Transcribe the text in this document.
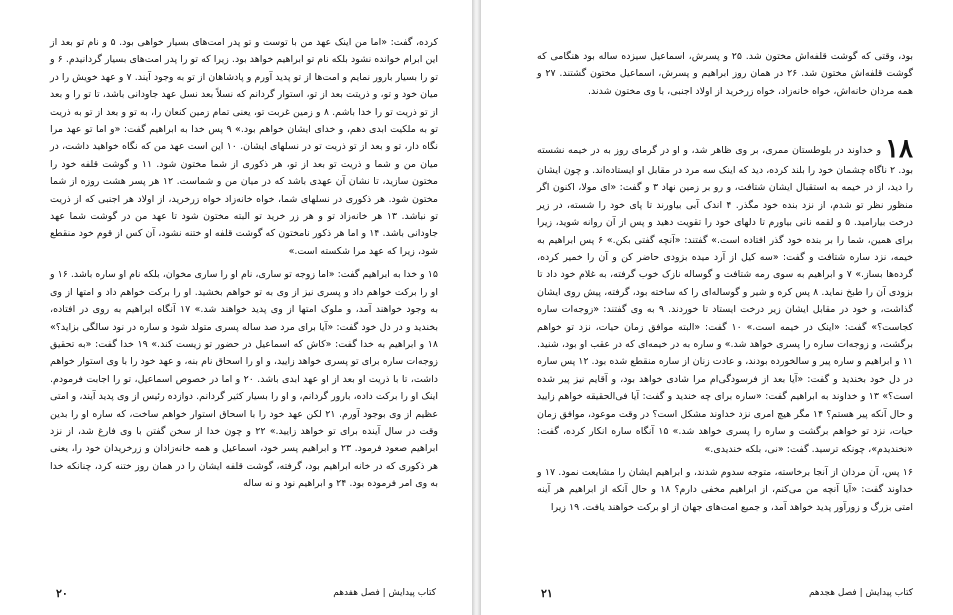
کرده، گفت: «اما من اینک عهد من با توست و تو پدر امت‌های بسیار خواهی بود. ۵ و نام تو بعد از این ابرام خوانده نشود بلکه نام تو ابراهیم خواهد بود. زیرا که تو را پدر امت‌های بسیار گردانیدم. ۶ و تو را بسیار بارور نمایم و امت‌ها از تو پدید آورم و پادشاهان از تو به وجود آیند. ۷ و عهد خویش را در میان خود و تو، و ذریتت بعد از تو، استوار گردانم که نسلاً بعد نسل عهد جاودانی باشد، تا تو را و بعد از تو ذریت تو را خدا باشم. ۸ و زمین غربت تو، یعنی تمام زمین کنعان را، به تو و بعد از تو به ذریت تو به ملکیت ابدی دهم، و خدای ایشان خواهم بود.» ۹ پس خدا به ابراهیم گفت: «و اما تو عهد مرا نگاه دار، تو و بعد از تو ذریت تو در نسلهای ایشان. ۱۰ این است عهد من که نگاه خواهید داشت، در میان من و شما و ذریت تو بعد از تو، هر ذکوری از شما مختون شود. ۱۱ و گوشت قلفه خود را مختون سازید، تا نشان آن عهدی باشد که در میان من و شماست. ۱۲ هر پسر هشت روزه از شما مختون شود. هر ذکوری در نسلهای شما، خواه خانه‌زاد خواه زرخرید، از اولاد هر اجنبی که از ذریت تو نباشد. ۱۳ هر خانه‌زاد تو و هر زر خرید تو البته مختون شود تا عهد من در گوشت شما عهد جاودانی باشد. ۱۴ و اما هر ذکور نامختون که گوشت قلفه او ختنه نشود، آن کس از قوم خود منقطع شود، زیرا که عهد مرا شکسته است.»

۱۵ و خدا به ابراهیم گفت: «اما زوجه تو ساری، نام او را ساری مخوان، بلکه نام او ساره باشد. ۱۶ و او را برکت خواهم داد و پسری نیز از وی به تو خواهم بخشید. او را برکت خواهم داد و امتها از وی به وجود خواهند آمد، و ملوک امتها از وی پدید خواهند شد.» ۱۷ آنگاه ابراهیم به روی در افتاده، بخندید و در دل خود گفت: «آیا برای مرد صد ساله پسری متولد شود و ساره در نود سالگی بزاید؟» ۱۸ و ابراهیم به خدا گفت: «کاش که اسماعیل در حضور تو زیست کند.» ۱۹ خدا گفت: «به تحقیق زوجه‌ات ساره برای تو پسری خواهد زایید، و او را اسحاق نام بنه، و عهد خود را با وی استوار خواهم داشت، تا با ذریت او بعد از او عهد ابدی باشد. ۲۰ و اما در خصوص اسماعیل، تو را اجابت فرمودم. اینک او را برکت داده، بارور گردانم، و او را بسیار کثیر گردانم. دوازده رئیس از وی پدید آیند، و امتی عظیم از وی بوجود آورم. ۲۱ لکن عهد خود را با اسحاق استوار خواهم ساخت، که ساره او را بدین وقت در سال آینده برای تو خواهد زایید.» ۲۲ و چون خدا از سخن گفتن با وی فارغ شد، از نزد ابراهیم صعود فرمود. ۲۳ و ابراهیم پسر خود، اسماعیل و همه خانه‌زادان و زرخریدان خود را، یعنی هر ذکوری که در خانه ابراهیم بود، گرفته، گوشت قلفه ایشان را در همان روز ختنه کرد، چنانکه خدا به وی امر فرموده بود. ۲۴ و ابراهیم نود و نه ساله

۲۰	کتاب پیدایش | فصل هفدهم

بود، وقتی که گوشت قلفه‌اش مختون شد. ۲۵ و پسرش، اسماعیل سیزده ساله بود هنگامی که گوشت قلفه‌اش مختون شد. ۲۶ در همان روز ابراهیم و پسرش، اسماعیل مختون گشتند. ۲۷ و همه مردان خانه‌اش، خواه خانه‌زاد، خواه زرخرید از اولاد اجنبی، با وی مختون شدند.

۱۸و خداوند در بلوطستان ممری، بر وی ظاهر شد، و او در گرمای روز به در خیمه نشسته بود. ۲ ناگاه چشمان خود را بلند کرده، دید که اینک سه مرد در مقابل او ایستاده‌اند. و چون ایشان را دید، از در خیمه به استقبال ایشان شتافت، و رو بر زمین نهاد ۳ و گفت: «ای مولا، اکنون اگر منظور نظر تو شدم، از نزد بنده خود مگذر. ۴ اندک آبی بیاورند تا پای خود را شسته، در زیر درخت بیارامید. ۵ و لقمه نانی بیاورم تا دلهای خود را تقویت دهید و پس از آن روانه شوید، زیرا برای همین، شما را بر بنده خود گذر افتاده است.» گفتند: «آنچه گفتی بکن.» ۶ پس ابراهیم به خیمه، نزد ساره شتافت و گفت: «سه کیل از آرد میده بزودی حاضر کن و آن را خمیر کرده، گرده‌ها بساز.» ۷ و ابراهیم به سوی رمه شتافت و گوساله نازک خوب گرفته، به غلام خود داد تا بزودی آن را طبخ نماید. ۸ پس کره و شیر و گوساله‌ای را که ساخته بود، گرفته، پیش روی ایشان گذاشت، و خود در مقابل ایشان زیر درخت ایستاد تا خوردند. ۹ به وی گفتند: «زوجه‌ات ساره کجاست؟» گفت: «اینک در خیمه است.» ۱۰ گفت: «البته موافق زمان حیات، نزد تو خواهم برگشت، و زوجه‌ات ساره را پسری خواهد شد.» و ساره به در خیمه‌ای که در عقب او بود، شنید. ۱۱ و ابراهیم و ساره پیر و سالخورده بودند، و عادت زنان از ساره منقطع شده بود. ۱۲ پس ساره در دل خود بخندید و گفت: «آیا بعد از فرسودگی‌ام مرا شادی خواهد بود، و آقایم نیز پیر شده است؟» ۱۳ و خداوند به ابراهیم گفت: «ساره برای چه خندید و گفت: آیا فی‌الحقیقه خواهم زایید و حال آنکه پیر هستم؟ ۱۴ مگر هیچ امری نزد خداوند مشکل است؟ در وقت موعود، موافق زمان حیات، نزد تو خواهم برگشت و ساره را پسری خواهد شد.» ۱۵ آنگاه ساره انکار کرده، گفت: «نخندیدم»، چونکه ترسید. گفت: «نی، بلکه خندیدی.»

۱۶ پس، آن مردان از آنجا برخاسته، متوجه سدوم شدند، و ابراهیم ایشان را مشایعت نمود. ۱۷ و خداوند گفت: «آیا آنچه من می‌کنم، از ابراهیم مخفی دارم؟ ۱۸ و حال آنکه از ابراهیم هر آینه امتی بزرگ و زورآور پدید خواهد آمد، و جمیع امت‌های جهان از او برکت خواهند یافت. ۱۹ زیرا

۲۱	کتاب پیدایش | فصل هجدهم
